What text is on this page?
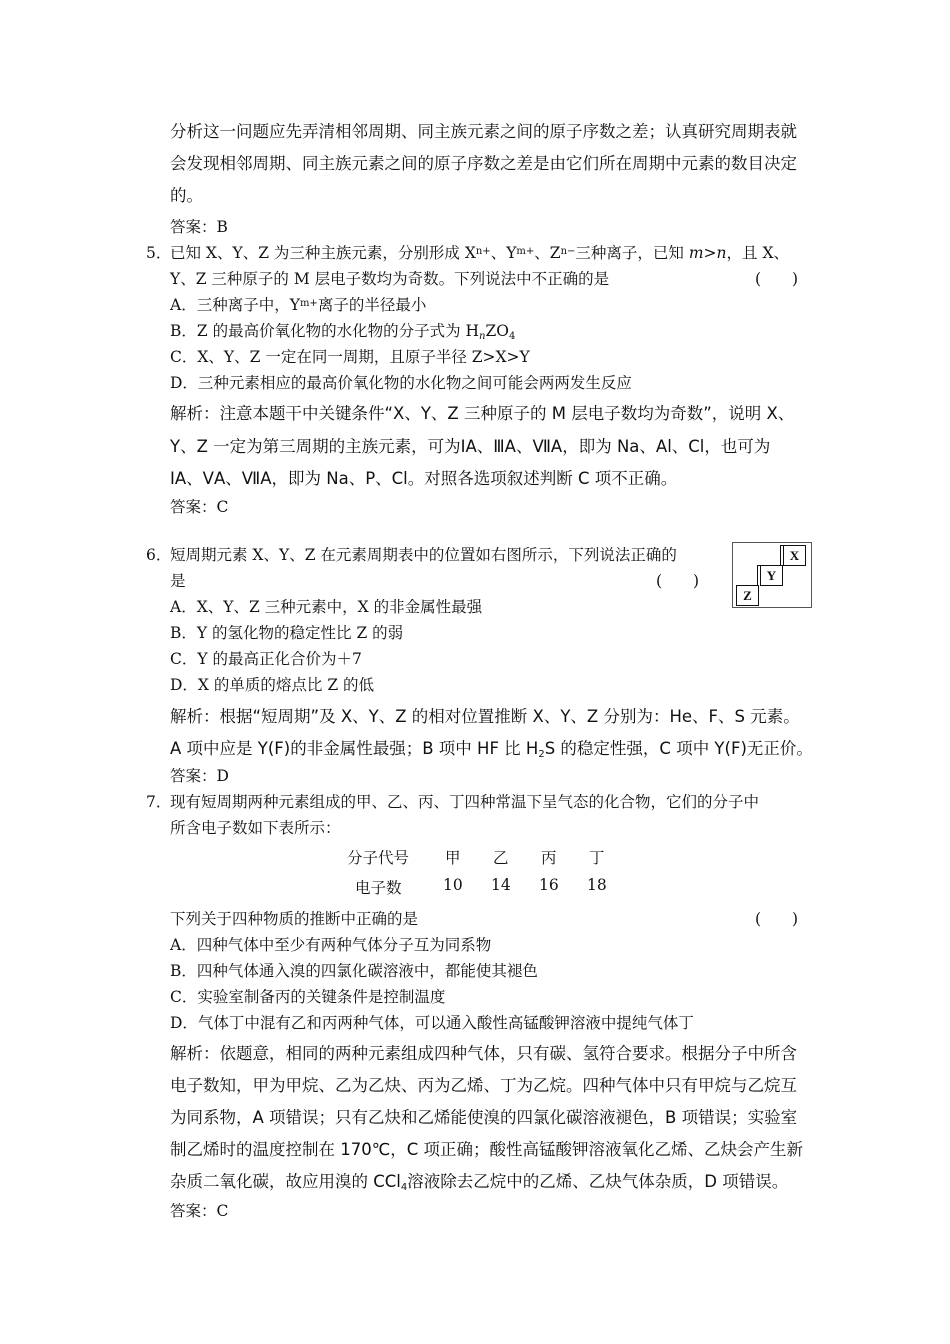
分析这一问题应先弄清相邻周期、同主族元素之间的原子序数之差；认真研究周期表就
会发现相邻周期、同主族元素之间的原子序数之差是由它们所在周期中元素的数目决定
的。
答案：B
5．
已知 X、Y、Z 为三种主族元素，分别形成 $X^{n+}$、$Y^{m+}$、$Z^{n-}$三种离子，已知 m>n，且 X、
Y、Z 三种原子的 M 层电子数均为奇数。下列说法中不正确的是	(　　)
A．三种离子中，$Y^{m+}$离子的半径最小
B．Z 的最高价氧化物的水化物的分子式为 $H_nZO_4$
C．X、Y、Z 一定在同一周期，且原子半径 Z>X>Y
D．三种元素相应的最高价氧化物的水化物之间可能会两两发生反应
解析：注意本题干中关键条件“X、Y、Z 三种原子的 M 层电子数均为奇数”，说明 X、
Y、Z 一定为第三周期的主族元素，可为ⅠA、ⅢA、ⅦA，即为 Na、Al、Cl，也可为
ⅠA、ⅤA、ⅦA，即为 Na、P、Cl。对照各选项叙述判断 C 项不正确。
答案：C
6．
短周期元素 X、Y、Z 在元素周期表中的位置如右图所示，下列说法正确的
是	(　　)
X
Y
Z
A．X、Y、Z 三种元素中，X 的非金属性最强
B．Y 的氢化物的稳定性比 Z 的弱
C．Y 的最高正化合价为＋7
D．X 的单质的熔点比 Z 的低
解析：根据“短周期”及 X、Y、Z 的相对位置推断 X、Y、Z 分别为：He、F、S 元素。
A 项中应是 Y(F)的非金属性最强；B 项中 HF 比 $H_2S$ 的稳定性强，C 项中 Y(F)无正价。
答案：D
7．
现有短周期两种元素组成的甲、乙、丙、丁四种常温下呈气态的化合物，它们的分子中
所含电子数如下表所示：
分子代号 甲 乙 丙 丁
电子数	10 14 16 18
下列关于四种物质的推断中正确的是	(　　)
A．四种气体中至少有两种气体分子互为同系物
B．四种气体通入溴的四氯化碳溶液中，都能使其褪色
C．实验室制备丙的关键条件是控制温度
D．气体丁中混有乙和丙两种气体，可以通入酸性高锰酸钾溶液中提纯气体丁
解析：依题意，相同的两种元素组成四种气体，只有碳、氢符合要求。根据分子中所含
电子数知，甲为甲烷、乙为乙炔、丙为乙烯、丁为乙烷。四种气体中只有甲烷与乙烷互
为同系物，A 项错误；只有乙炔和乙烯能使溴的四氯化碳溶液褪色，B 项错误；实验室
制乙烯时的温度控制在 170℃，C 项正确；酸性高锰酸钾溶液氧化乙烯、乙炔会产生新
杂质二氧化碳，故应用溴的 CCl$_4$溶液除去乙烷中的乙烯、乙炔气体杂质，D 项错误。
答案：C
